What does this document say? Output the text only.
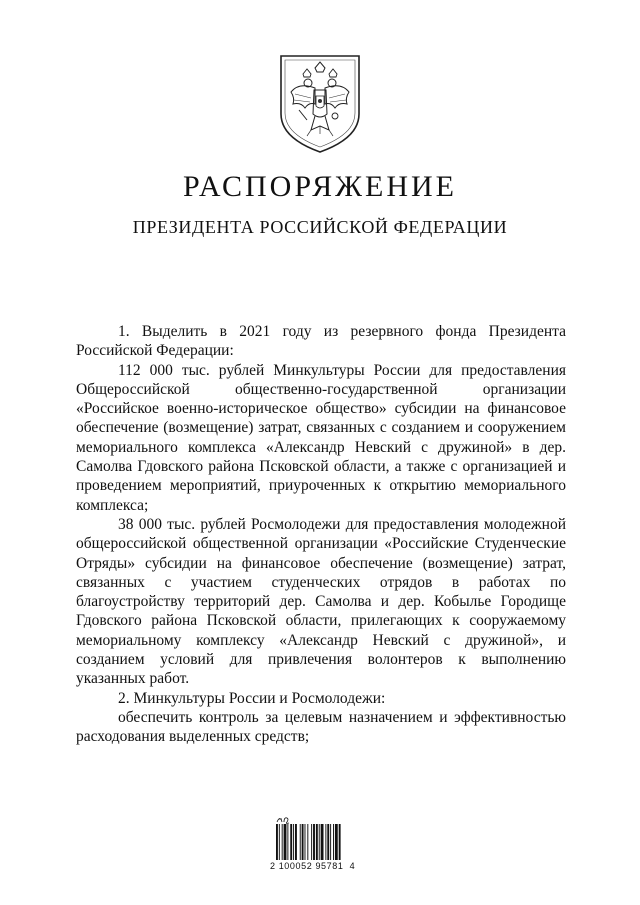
РАСПОРЯЖЕНИЕ
ПРЕЗИДЕНТА РОССИЙСКОЙ ФЕДЕРАЦИИ

1. Выделить в 2021 году из резервного фонда Президента Российской Федерации:

112 000 тыс. рублей Минкультуры России для предоставления Общероссийской общественно-государственной организации «Российское военно-историческое общество» субсидии на финансовое обеспечение (возмещение) затрат, связанных с созданием и сооружением мемориального комплекса «Александр Невский с дружиной» в дер. Самолва Гдовского района Псковской области, а также с организацией и проведением мероприятий, приуроченных к открытию мемориального комплекса;

38 000 тыс. рублей Росмолодежи для предоставления молодежной общероссийской общественной организации «Российские Студенческие Отряды» субсидии на финансовое обеспечение (возмещение) затрат, связанных с участием студенческих отрядов в работах по благоустройству территорий дер. Самолва и дер. Кобылье Городище Гдовского района Псковской области, прилегающих к сооружаемому мемориальному комплексу «Александр Невский с дружиной», и созданием условий для привлечения волонтеров к выполнению указанных работ.

2. Минкультуры России и Росмолодежи:

обеспечить контроль за целевым назначением и эффективностью расходования выделенных средств;

2 100052 95781  4
